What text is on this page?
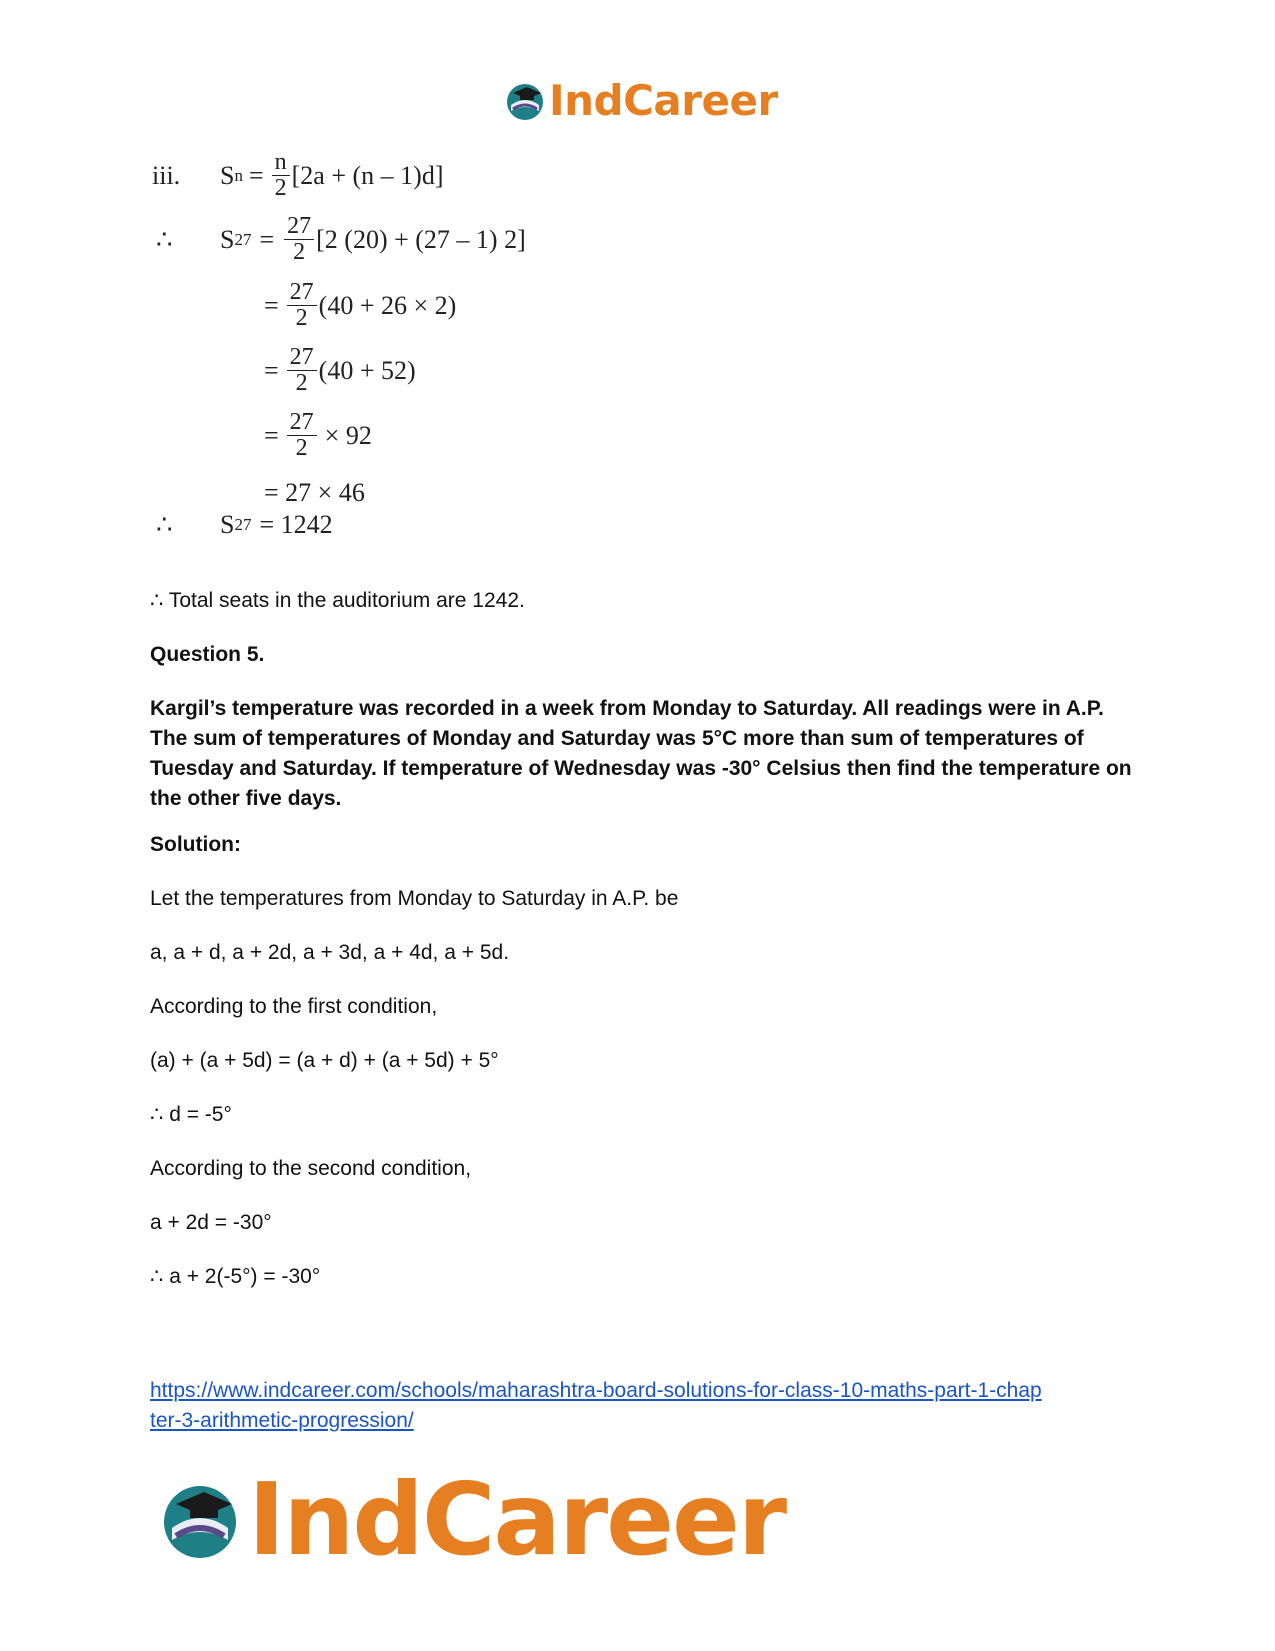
IndCareer
iii.	S $n = \frac{n}{2} [2a + (n - 1)d]$
∴	S $27 = \frac{27}{2} [2$ (20) + (27 – 1) 2]
= $\frac{27}{2} (40 + 26 \times 2)$
= $\frac{27}{2} (40 + 52)$
= $\frac{27}{2} \times 92$
= 27 × 46
∴	S 27 = 1242
∴ Total seats in the auditorium are 1242.
Question 5.
Kargil’s temperature was recorded in a week from Monday to Saturday. All readings were in A.P. The sum of temperatures of Monday and Saturday was 5°C more than sum of temperatures of Tuesday and Saturday. If temperature of Wednesday was -30° Celsius then find the temperature on the other five days.
Solution:
Let the temperatures from Monday to Saturday in A.P. be
a, a + d, a + 2d, a + 3d, a + 4d, a + 5d.
According to the first condition,
(a) + (a + 5d) = (a + d) + (a + 5d) + 5°
∴ d = -5°
According to the second condition,
a + 2d = -30°
∴ a + 2(-5°) = -30°
https://www.indcareer.com/schools/maharashtra-board-solutions-for-class-10-maths-part-1-chap
ter-3-arithmetic-progression/
IndCareer
